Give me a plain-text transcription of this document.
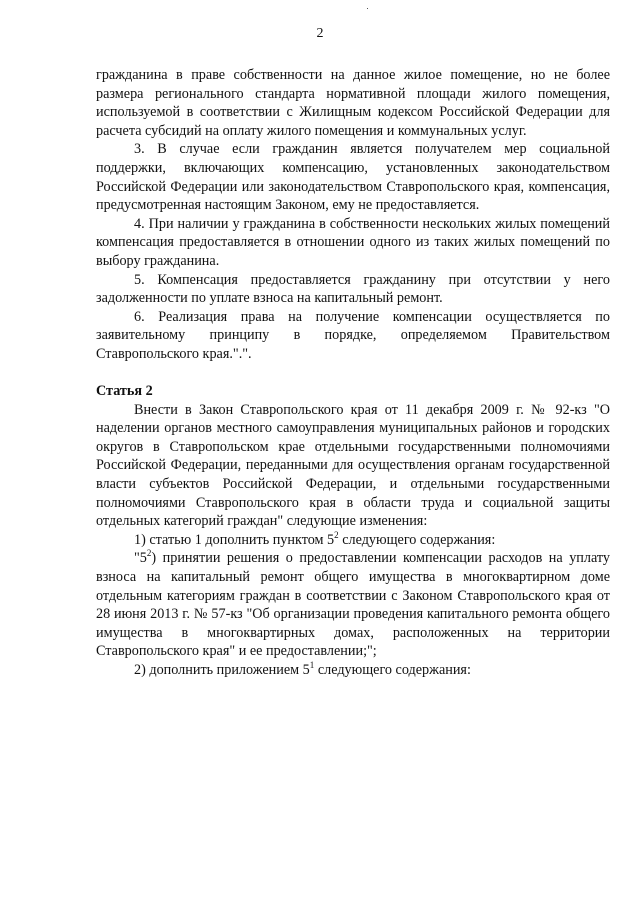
2

гражданина в праве собственности на данное жилое помещение, но не более размера регионального стандарта нормативной площади жилого помещения, используемой в соответствии с Жилищным кодексом Российской Федерации для расчета субсидий на оплату жилого помещения и коммунальных услуг.

3. В случае если гражданин является получателем мер социальной поддержки, включающих компенсацию, установленных законодательством Российской Федерации или законодательством Ставропольского края, компенсация, предусмотренная настоящим Законом, ему не предоставляется.

4. При наличии у гражданина в собственности нескольких жилых помещений компенсация предоставляется в отношении одного из таких жилых помещений по выбору гражданина.

5. Компенсация предоставляется гражданину при отсутствии у него задолженности по уплате взноса на капитальный ремонт.

6. Реализация права на получение компенсации осуществляется по заявительному принципу в порядке, определяемом Правительством Ставропольского края.".".

Статья 2

Внести в Закон Ставропольского края от 11 декабря 2009 г. № 92-кз "О наделении органов местного самоуправления муниципальных районов и городских округов в Ставропольском крае отдельными государственными полномочиями Российской Федерации, переданными для осуществления органам государственной власти субъектов Российской Федерации, и отдельными государственными полномочиями Ставропольского края в области труда и социальной защиты отдельных категорий граждан" следующие изменения:

1) статью 1 дополнить пунктом $5^2$ следующего содержания:

"$5^2$) принятии решения о предоставлении компенсации расходов на уплату взноса на капитальный ремонт общего имущества в многоквартирном доме отдельным категориям граждан в соответствии с Законом Ставропольского края от 28 июня 2013 г. № 57-кз "Об организации проведения капитального ремонта общего имущества в многоквартирных домах, расположенных на территории Ставропольского края" и ее предоставлении;";

2) дополнить приложением $5^1$ следующего содержания:
